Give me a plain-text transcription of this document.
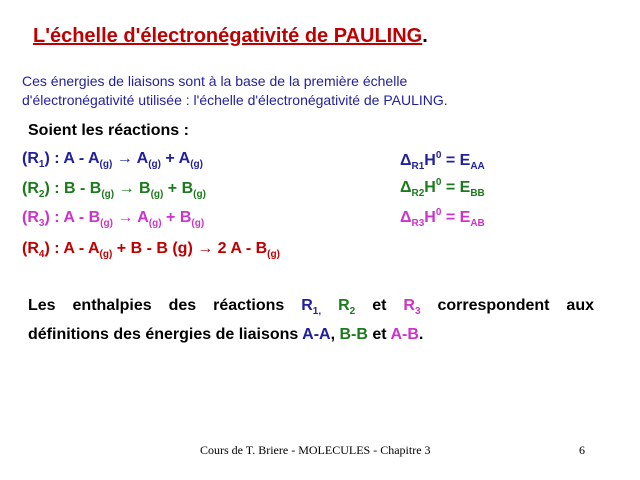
L'échelle d'électronégativité de PAULING.
Ces énergies de liaisons sont à la base de la première échelle
d'électronégativité utilisée : l'échelle d'électronégativité de PAULING.
Soient les réactions :
$(R_1)$ : $A - A_{(g)} \to A_{(g)} + A_{(g)}$	$\Delta_{R1}H^0 = E_{AA}$
$(R_2)$ : $B - B_{(g)} \to B_{(g)} + B_{(g)}$	$\Delta_{R2}H^0 = E_{BB}$
$(R_3)$ : $A - B_{(g)} \to A_{(g)} + B_{(g)}$	$\Delta_{R3}H^0 = E_{AB}$
$(R_4)$ : $A - A_{(g)} + B - B$ (g) → 2 A - $B_{(g)}$
Les enthalpies des réactions $R_{1,}$ $R_2$ et $R_3$ correspondent aux
définitions des énergies de liaisons A-A, B-B et A-B.
Cours de T. Briere - MOLECULES - Chapitre 3	6
